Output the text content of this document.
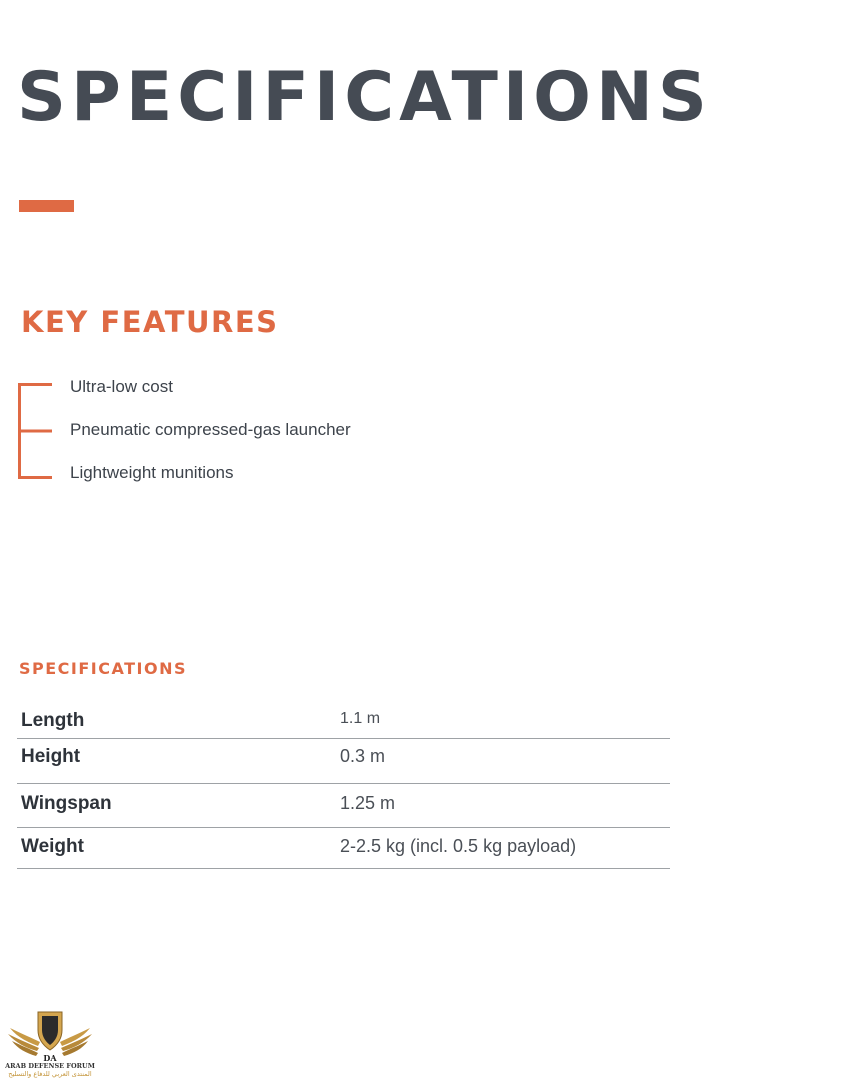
SPECIFICATIONS
KEY FEATURES
Ultra-low cost
Pneumatic compressed-gas launcher
Lightweight munitions
SPECIFICATIONS
Length	1.1 m
Height	0.3 m
Wingspan	1.25 m
Weight	2-2.5 kg (incl. 0.5 kg payload)
DA
ARAB DEFENSE FORUM
المنتدى العربي للدفاع والتسليح
